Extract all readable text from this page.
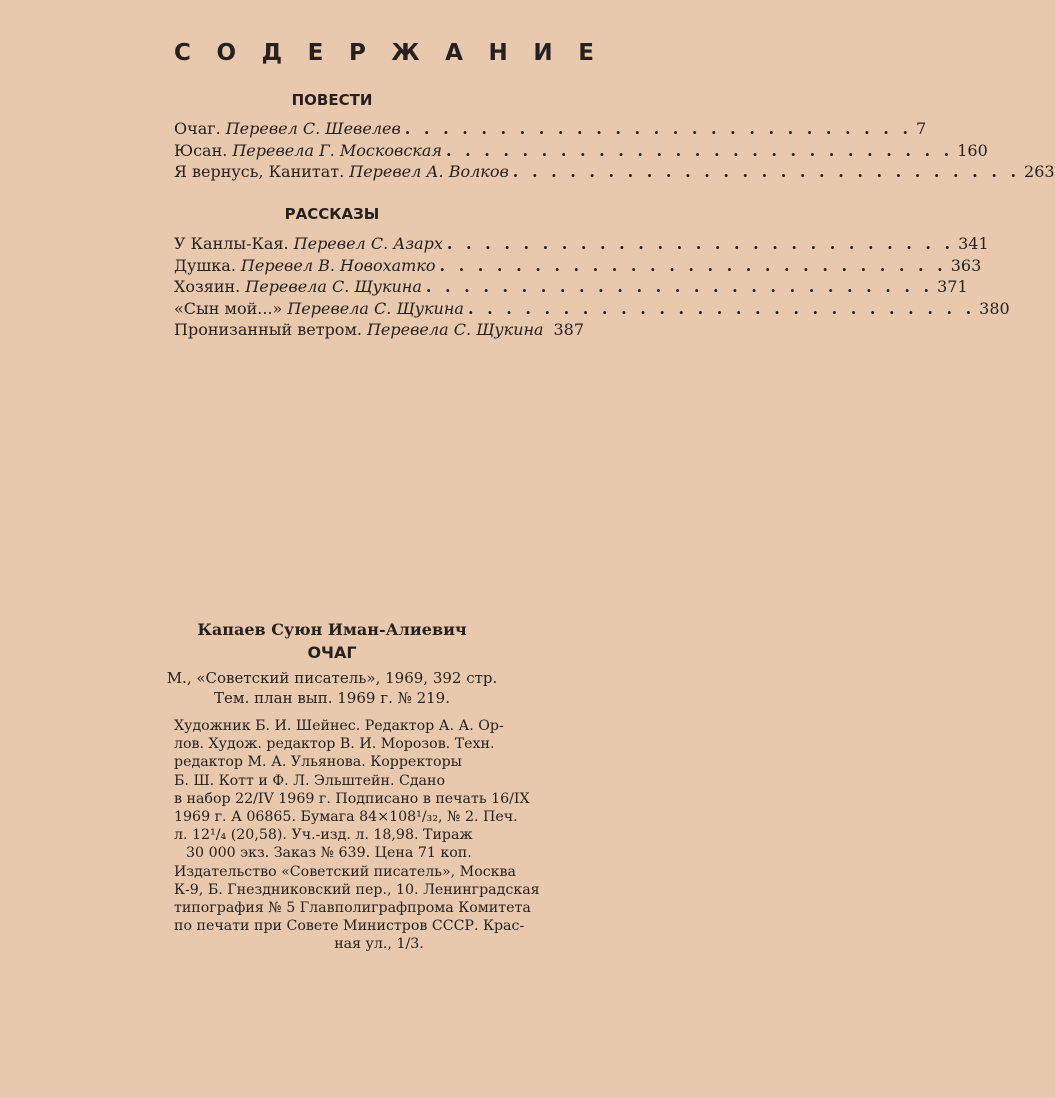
С О Д Е Р Ж А Н И Е
ПОВЕСТИ
Очаг. Перевел С. Шевелев . . . . . . . . . . . . . . . . . . . . . . . . . . . 7
Юсан. Перевела Г. Московская . . . . . . . . . . . . . . . . . . . . . . . . . . . 160
Я вернусь, Канитат. Перевел А. Волков . . . . . . . . . . . . . . . . . . . . . . . . . . . 263
РАССКАЗЫ
У Канлы-Кая. Перевел С. Азарх . . . . . . . . . . . . . . . . . . . . . . . . . . . 341
Душка. Перевел В. Новохатко . . . . . . . . . . . . . . . . . . . . . . . . . . . 363
Хозяин. Перевела С. Щукина . . . . . . . . . . . . . . . . . . . . . . . . . . . 371
«Сын мой...» Перевела С. Щукина . . . . . . . . . . . . . . . . . . . . . . . . . . . 380
Пронизанный ветром. Перевела С. Щукина 387
Капаев Суюн Иман-Алиевич
ОЧАГ
М., «Советский писатель», 1969, 392 стр.
Тем. план вып. 1969 г. № 219.
Художник Б. И. Шейнес. Редактор А. А. Ор-
лов. Худож. редактор В. И. Морозов. Техн.
редактор М. А. Ульянова. Корректоры
Б. Ш. Котт и Ф. Л. Эльштейн. Сдано
в набор 22/IV 1969 г. Подписано в печать 16/IX
1969 г. А 06865. Бумага 84×108¹/₃₂, № 2. Печ.
л. 12¹/₄ (20,58). Уч.-изд. л. 18,98. Тираж
30 000 экз. Заказ № 639. Цена 71 коп.
Издательство «Советский писатель», Москва
К-9, Б. Гнездниковский пер., 10. Ленинградская
типография № 5 Главполиграфпрома Комитета
по печати при Совете Министров СССР. Крас-
ная ул., 1/3.
